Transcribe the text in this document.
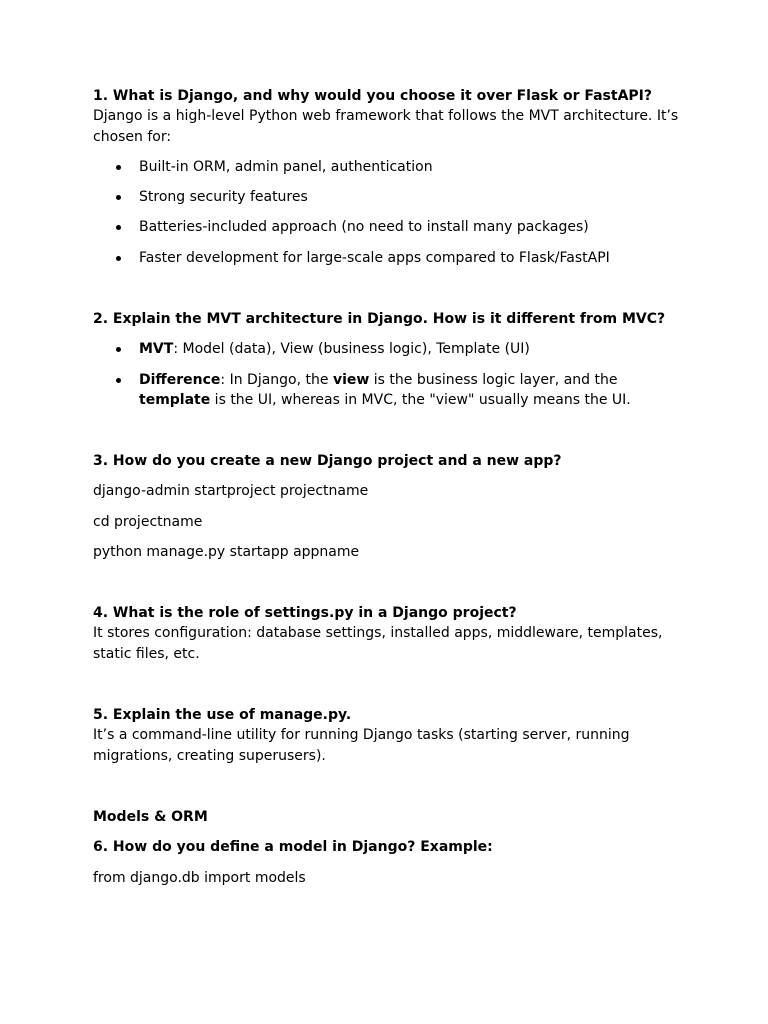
1. What is Django, and why would you choose it over Flask or FastAPI?

Django is a high-level Python web framework that follows the MVT architecture. It’s chosen for:

Built-in ORM, admin panel, authentication
Strong security features
Batteries-included approach (no need to install many packages)
Faster development for large-scale apps compared to Flask/FastAPI

2. Explain the MVT architecture in Django. How is it different from MVC?

MVT: Model (data), View (business logic), Template (UI)
Difference: In Django, the view is the business logic layer, and the template is the UI, whereas in MVC, the "view" usually means the UI.

3. How do you create a new Django project and a new app?

django-admin startproject projectname

cd projectname

python manage.py startapp appname

4. What is the role of settings.py in a Django project?

It stores configuration: database settings, installed apps, middleware, templates, static files, etc.

5. Explain the use of manage.py.

It’s a command-line utility for running Django tasks (starting server, running migrations, creating superusers).

Models & ORM

6. How do you define a model in Django? Example:

from django.db import models
